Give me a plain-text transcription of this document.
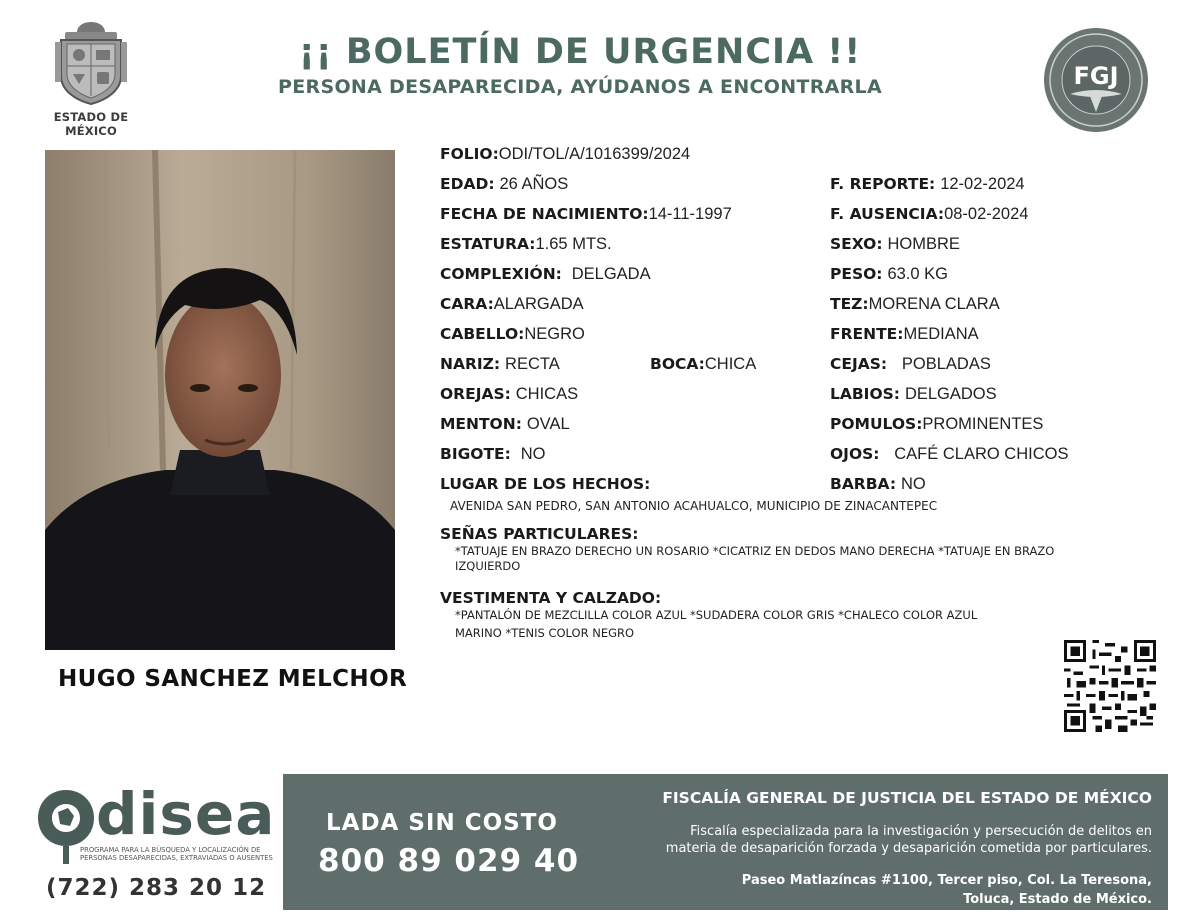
ESTADO DE MÉXICO
¡¡ BOLETÍN DE URGENCIA !!
PERSONA DESAPARECIDA, AYÚDANOS A ENCONTRARLA	FGJ
HUGO SANCHEZ MELCHOR
FOLIO:ODI/TOL/A/1016399/2024
EDAD: 26 AÑOS
FECHA DE NACIMIENTO:14-11-1997
ESTATURA:1.65 MTS.
COMPLEXIÓN: DELGADA
CARA:ALARGADA
CABELLO:NEGRO
NARIZ: RECTA	BOCA:CHICA
OREJAS: CHICAS
MENTON: OVAL
BIGOTE: NO
F. REPORTE: 12-02-2024
F. AUSENCIA:08-02-2024
SEXO: HOMBRE
PESO: 63.0 KG
TEZ:MORENA CLARA
FRENTE:MEDIANA
CEJAS: POBLADAS
LABIOS: DELGADOS
POMULOS:PROMINENTES
OJOS: CAFÉ CLARO CHICOS
BARBA: NO
LUGAR DE LOS HECHOS:
AVENIDA SAN PEDRO, SAN ANTONIO ACAHUALCO, MUNICIPIO DE ZINACANTEPEC
SEÑAS PARTICULARES:
*TATUAJE EN BRAZO DERECHO UN ROSARIO *CICATRIZ EN DEDOS MANO DERECHA *TATUAJE EN BRAZO
IZQUIERDO
VESTIMENTA Y CALZADO:
*PANTALÓN DE MEZCLILLA COLOR AZUL *SUDADERA COLOR GRIS *CHALECO COLOR AZUL
MARINO *TENIS COLOR NEGRO
disea
PROGRAMA PARA LA BÚSQUEDA Y LOCALIZACIÓN DE PERSONAS DESAPARECIDAS, EXTRAVIADAS O AUSENTES
(722) 283 20 12
LADA SIN COSTO
800 89 029 40
FISCALÍA GENERAL DE JUSTICIA DEL ESTADO DE MÉXICO
Fiscalía especializada para la investigación y persecución de delitos en
materia de desaparición forzada y desaparición cometida por particulares.
Paseo Matlazíncas #1100, Tercer piso, Col. La Teresona,
Toluca, Estado de México.
